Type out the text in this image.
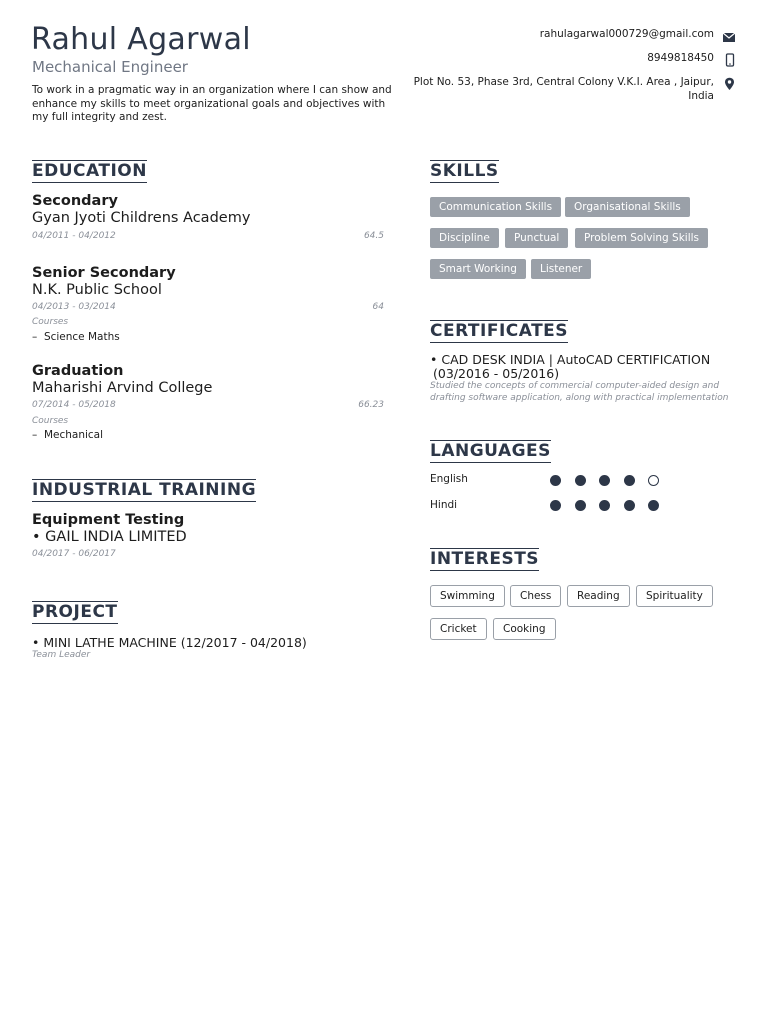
Rahul Agarwal
Mechanical Engineer
To work in a pragmatic way in an organization where I can show and enhance my skills to meet organizational goals and objectives with my full integrity and zest.
rahulagarwal000729@gmail.com
8949818450
Plot No. 53, Phase 3rd, Central Colony V.K.I. Area , Jaipur,
India
EDUCATION
Secondary
Gyan Jyoti Childrens Academy
04/2011 - 04/2012	64.5
Senior Secondary
N.K. Public School
04/2013 - 03/2014	64
Courses
–  Science Maths
Graduation
Maharishi Arvind College
07/2014 - 05/2018	66.23
Courses
–  Mechanical
INDUSTRIAL TRAINING
Equipment Testing
• GAIL INDIA LIMITED
04/2017 - 06/2017
PROJECT
• MINI LATHE MACHINE (12/2017 - 04/2018)
Team Leader
SKILLS
Communication Skills	Organisational Skills
Discipline	Punctual	Problem Solving Skills
Smart Working	Listener
CERTIFICATES
• CAD DESK INDIA | AutoCAD CERTIFICATION
(03/2016 - 05/2016)
Studied the concepts of commercial computer-aided design and drafting software application, along with practical implementation
LANGUAGES
English
Hindi
INTERESTS
Swimming	Chess	Reading	Spirituality
Cricket	Cooking
